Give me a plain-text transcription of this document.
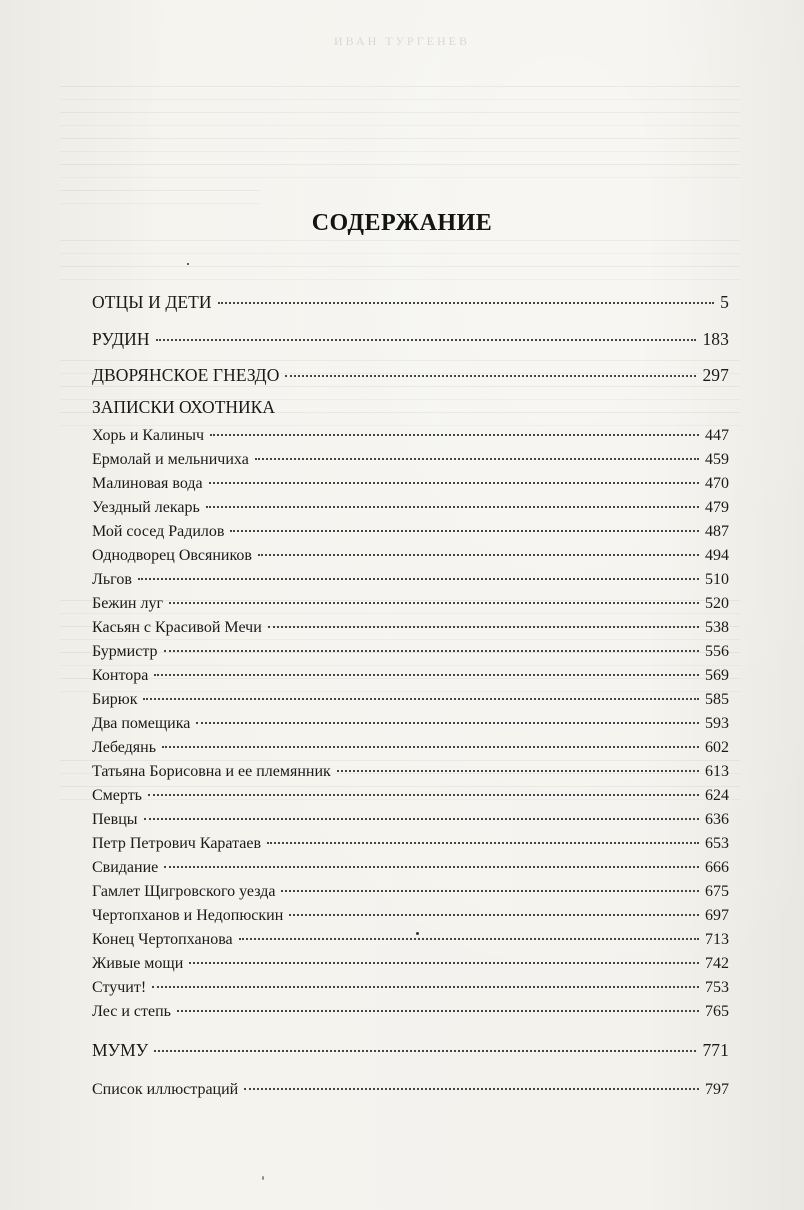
ИВАН ТУРГЕНЕВ
СОДЕРЖАНИЕ
ОТЦЫ И ДЕТИ	5
РУДИН	183
ДВОРЯНСКОЕ ГНЕЗДО	297
ЗАПИСКИ ОХОТНИКА
Хорь и Калиныч	447
Ермолай и мельничиха	459
Малиновая вода	470
Уездный лекарь	479
Мой сосед Радилов	487
Однодворец Овсяников	494
Льгов	510
Бежин луг	520
Касьян с Красивой Мечи	538
Бурмистр	556
Контора	569
Бирюк	585
Два помещика	593
Лебедянь	602
Татьяна Борисовна и ее племянник	613
Смерть	624
Певцы	636
Петр Петрович Каратаев	653
Свидание	666
Гамлет Щигровского уезда	675
Чертопханов и Недопюскин	697
Конец Чертопханова	713
Живые мощи	742
Стучит!	753
Лес и степь	765
МУМУ	771
Список иллюстраций	797
